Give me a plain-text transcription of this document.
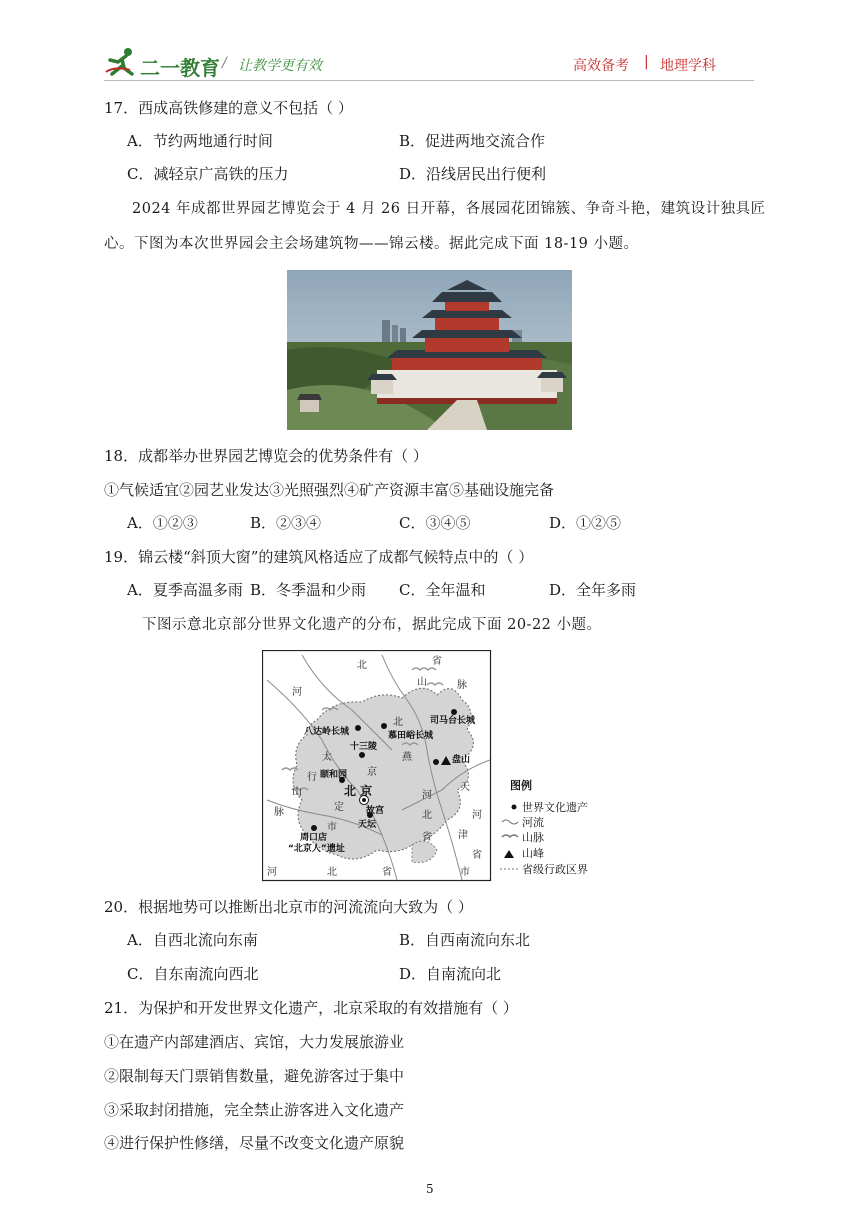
二一教育 / 让教学更有效	高效备考 | 地理学科
17．西成高铁修建的意义不包括（ ）
A．节约两地通行时间	B．促进两地交流合作
C．减轻京广高铁的压力	D．沿线居民出行便利
2024 年成都世界园艺博览会于 4 月 26 日开幕，各展园花团锦簇、争奇斗艳，建筑设计独具匠
心。下图为本次世界园会主会场建筑物——锦云楼。据此完成下面 18-19 小题。
18．成都举办世界园艺博览会的优势条件有（ ）
①气候适宜②园艺业发达③光照强烈④矿产资源丰富⑤基础设施完备
A．①②③	B．②③④	C．③④⑤	D．①②⑤
19．锦云楼“斜顶大窗”的建筑风格适应了成都气候特点中的（ ）
A．夏季高温多雨 B．冬季温和少雨 C．全年温和	D．全年多雨
下图示意北京部分世界文化遗产的分布，据此完成下面 20-22 小题。
北	省
河
山	脉
北
太
行
山
脉
燕
天
京
津
河
北
省
市
河	北	省
市
定
河
省
北 京
八达岭长城	慕田峪长城
司马台长城
十三陵
颐和园
故宫
天坛
周口店
“北京人”遗址
盘山
图例
世界文化遗产
河流
山脉
山峰
省级行政区界
20．根据地势可以推断出北京市的河流流向大致为（ ）
A．自西北流向东南	B．自西南流向东北
C．自东南流向西北	D．自南流向北
21．为保护和开发世界文化遗产，北京采取的有效措施有（ ）
①在遗产内部建酒店、宾馆，大力发展旅游业
②限制每天门票销售数量，避免游客过于集中
③采取封闭措施，完全禁止游客进入文化遗产
④进行保护性修缮，尽量不改变文化遗产原貌
5
